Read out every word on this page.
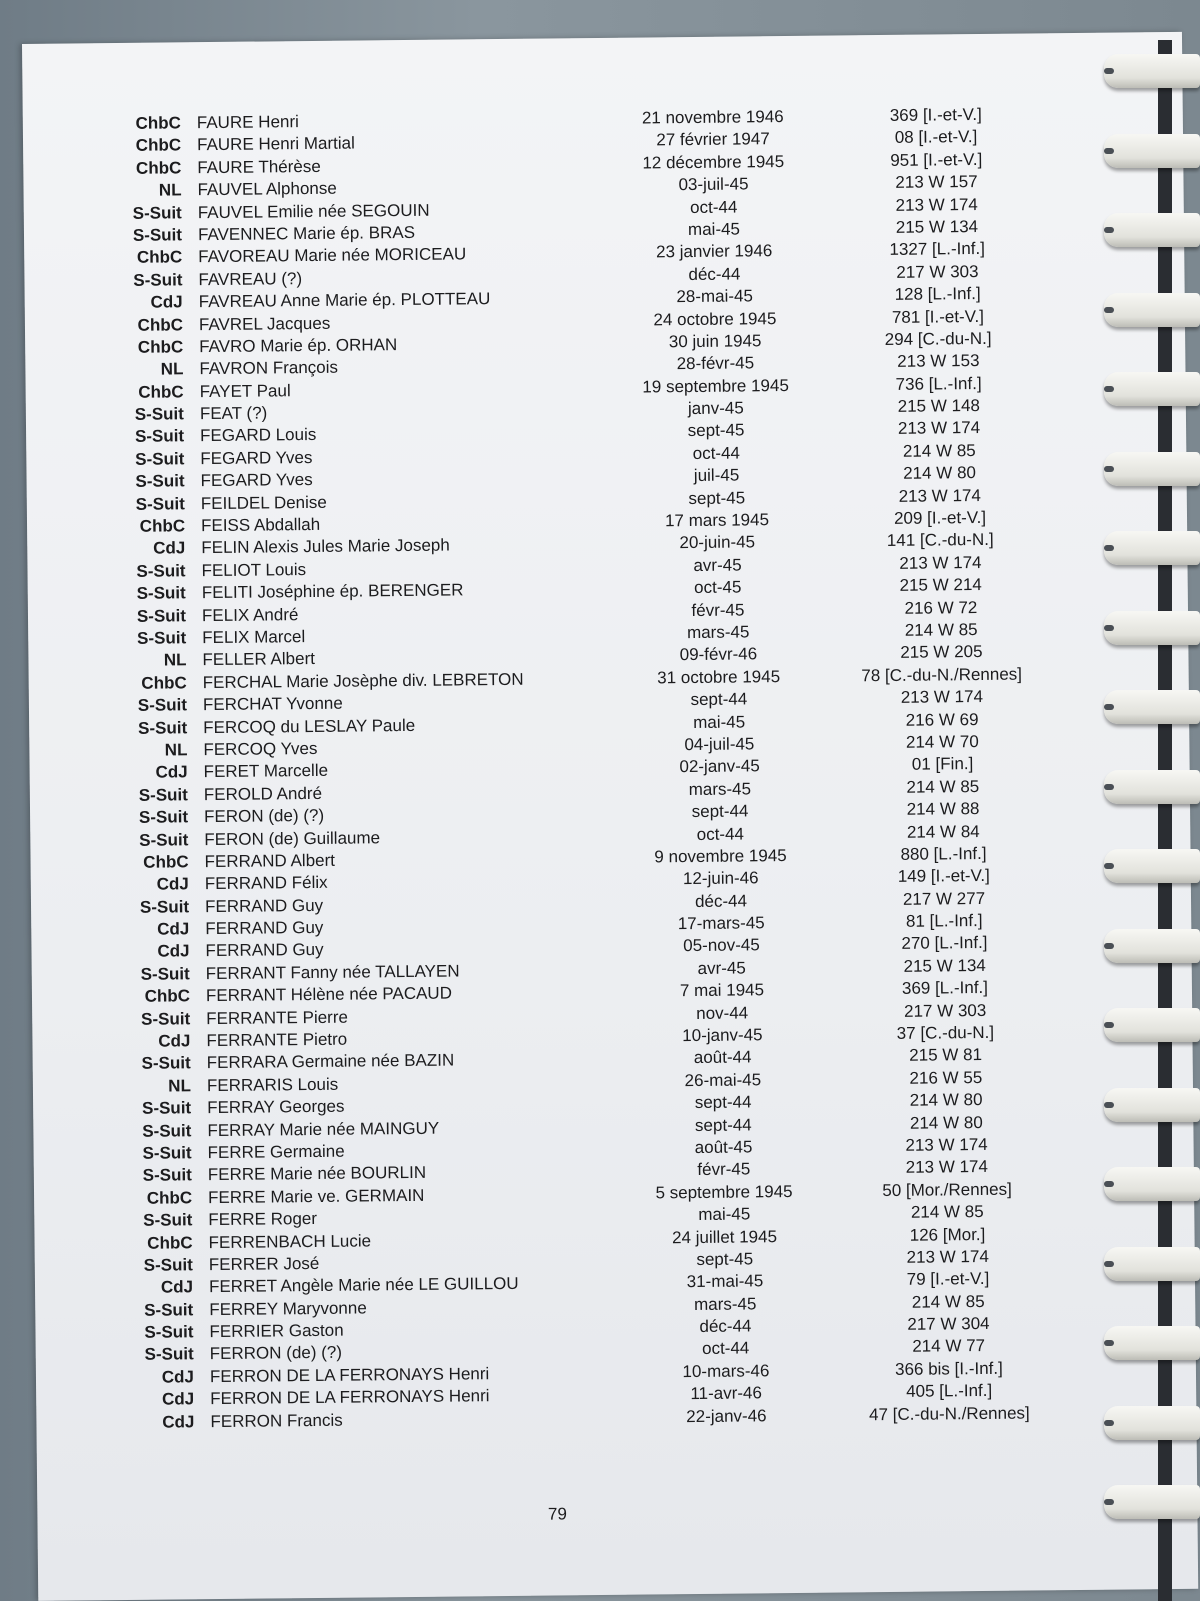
ChbC FAURE Henri	21 novembre 1946	369 [I.-et-V.]
ChbC FAURE Henri Martial	27 février 1947	08 [I.-et-V.]
ChbC FAURE Thérèse	12 décembre 1945	951 [I.-et-V.]
NL FAUVEL Alphonse	03-juil-45	213 W 157
S-Suit FAUVEL Emilie née SEGOUIN	oct-44	213 W 174
S-Suit FAVENNEC Marie ép. BRAS	mai-45	215 W 134
ChbC FAVOREAU Marie née MORICEAU	23 janvier 1946	1327 [L.-Inf.]
S-Suit FAVREAU (?)	déc-44	217 W 303
CdJ FAVREAU Anne Marie ép. PLOTTEAU	28-mai-45	128 [L.-Inf.]
ChbC FAVREL Jacques	24 octobre 1945	781 [I.-et-V.]
ChbC FAVRO Marie ép. ORHAN	30 juin 1945	294 [C.-du-N.]
NL FAVRON François	28-févr-45	213 W 153
ChbC FAYET Paul	19 septembre 1945	736 [L.-Inf.]
S-Suit FEAT (?)	janv-45	215 W 148
S-Suit FEGARD Louis	sept-45	213 W 174
S-Suit FEGARD Yves	oct-44	214 W 85
S-Suit FEGARD Yves	juil-45	214 W 80
S-Suit FEILDEL Denise	sept-45	213 W 174
ChbC FEISS Abdallah	17 mars 1945	209 [I.-et-V.]
CdJ FELIN Alexis Jules Marie Joseph	20-juin-45	141 [C.-du-N.]
S-Suit FELIOT Louis	avr-45	213 W 174
S-Suit FELITI Joséphine ép. BERENGER	oct-45	215 W 214
S-Suit FELIX André	févr-45	216 W 72
S-Suit FELIX Marcel	mars-45	214 W 85
NL FELLER Albert	09-févr-46	215 W 205
ChbC FERCHAL Marie Josèphe div. LEBRETON	31 octobre 1945	78 [C.-du-N./Rennes]
S-Suit FERCHAT Yvonne	sept-44	213 W 174
S-Suit FERCOQ du LESLAY Paule	mai-45	216 W 69
NL FERCOQ Yves	04-juil-45	214 W 70
CdJ FERET Marcelle	02-janv-45	01 [Fin.]
S-Suit FEROLD André	mars-45	214 W 85
S-Suit FERON (de) (?)	sept-44	214 W 88
S-Suit FERON (de) Guillaume	oct-44	214 W 84
ChbC FERRAND Albert	9 novembre 1945	880 [L.-Inf.]
CdJ FERRAND Félix	12-juin-46	149 [I.-et-V.]
S-Suit FERRAND Guy	déc-44	217 W 277
CdJ FERRAND Guy	17-mars-45	81 [L.-Inf.]
CdJ FERRAND Guy	05-nov-45	270 [L.-Inf.]
S-Suit FERRANT Fanny née TALLAYEN	avr-45	215 W 134
ChbC FERRANT Hélène née PACAUD	7 mai 1945	369 [L.-Inf.]
S-Suit FERRANTE Pierre	nov-44	217 W 303
CdJ FERRANTE Pietro	10-janv-45	37 [C.-du-N.]
S-Suit FERRARA Germaine née BAZIN	août-44	215 W 81
NL FERRARIS Louis	26-mai-45	216 W 55
S-Suit FERRAY Georges	sept-44	214 W 80
S-Suit FERRAY Marie née MAINGUY	sept-44	214 W 80
S-Suit FERRE Germaine	août-45	213 W 174
S-Suit FERRE Marie née BOURLIN	févr-45	213 W 174
ChbC FERRE Marie ve. GERMAIN	5 septembre 1945	50 [Mor./Rennes]
S-Suit FERRE Roger	mai-45	214 W 85
ChbC FERRENBACH Lucie	24 juillet 1945	126 [Mor.]
S-Suit FERRER José	sept-45	213 W 174
CdJ FERRET Angèle Marie née LE GUILLOU	31-mai-45	79 [I.-et-V.]
S-Suit FERREY Maryvonne	mars-45	214 W 85
S-Suit FERRIER Gaston	déc-44	217 W 304
S-Suit FERRON (de) (?)	oct-44	214 W 77
CdJ FERRON DE LA FERRONAYS Henri	10-mars-46	366 bis [I.-Inf.]
CdJ FERRON DE LA FERRONAYS Henri	11-avr-46	405 [L.-Inf.]
CdJ FERRON Francis	22-janv-46	47 [C.-du-N./Rennes]
79
